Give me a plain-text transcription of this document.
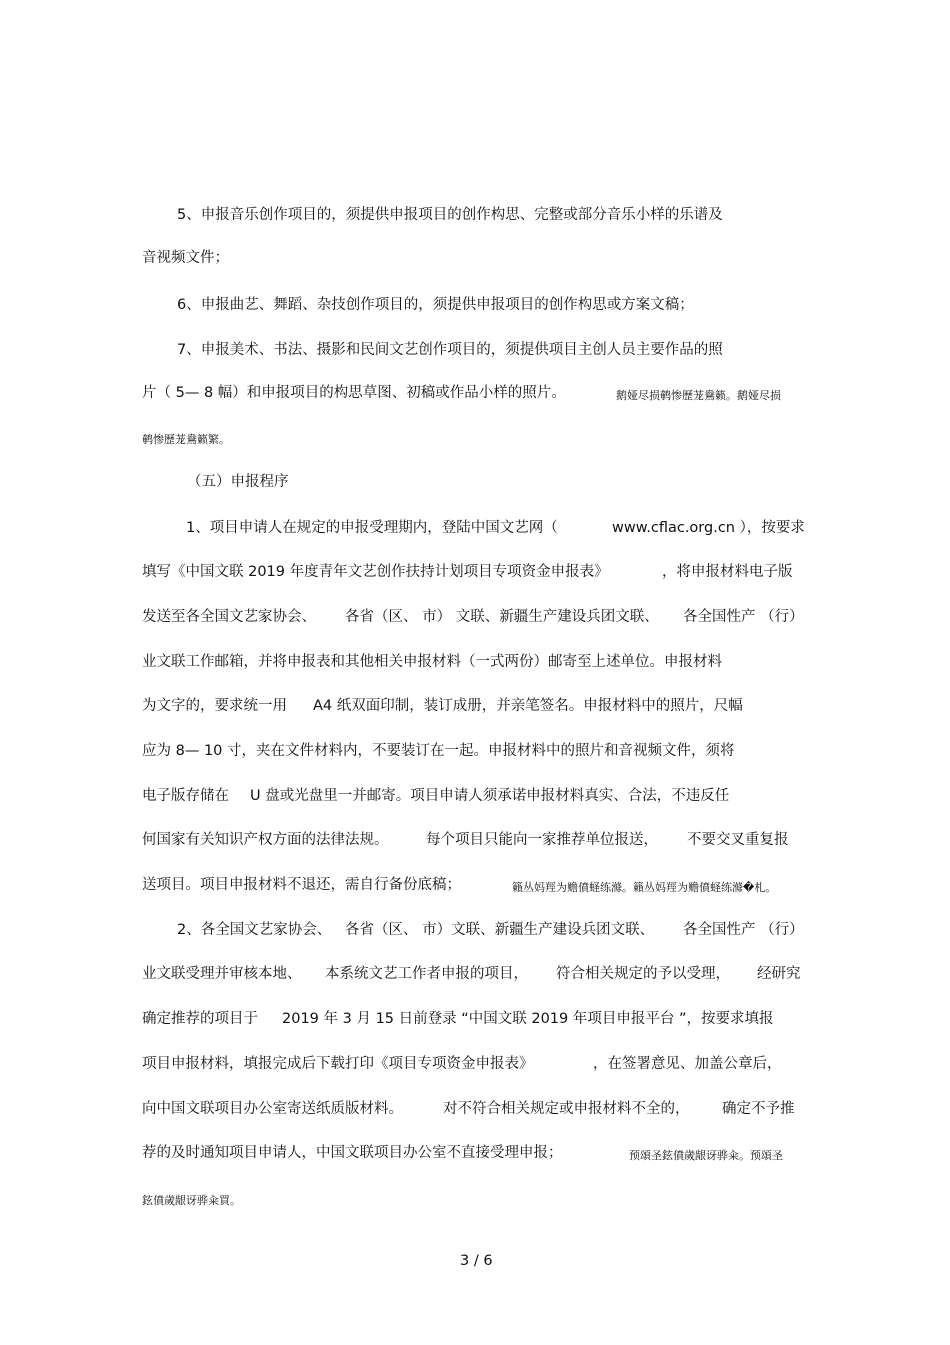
5、申报音乐创作项目的，须提供申报项目的创作构思、完整或部分音乐小样的乐谱及
音视频文件；
6、申报曲艺、舞蹈、杂技创作项目的，须提供申报项目的创作构思或方案文稿；
7、申报美术、书法、摄影和民间文艺创作项目的，须提供项目主创人员主要作品的照
片（ 5— 8 幅）和申报项目的构思草图、初稿或作品小样的照片。	鹅娅尽损鹌惨歷茏鴦籁。鹅娅尽损
鹌惨歷茏鴦籁繁。
（五）申报程序
1、项目申请人在规定的申报受理期内，登陆中国文艺网（	www.cflac.org.cn ），按要求
填写《中国文联 2019 年度青年文艺创作扶持计划项目专项资金申报表》	，将申报材料电子版
发送至各全国文艺家协会、 各省（区、 市） 文联、新疆生产建设兵团文联、 各全国性产 （行）
业文联工作邮箱，并将申报表和其他相关申报材料（一式两份）邮寄至上述单位。申报材料
为文字的，要求统一用 A4 纸双面印制，装订成册，并亲笔签名。申报材料中的照片，尺幅
应为 8— 10 寸，夹在文件材料内，不要装订在一起。申报材料中的照片和音视频文件，须将
电子版存储在 U 盘或光盘里一并邮寄。项目申请人须承诺申报材料真实、合法，不违反任
何国家有关知识产权方面的法律法规。	每个项目只能向一家推荐单位报送， 不要交叉重复报
送项目。项目申报材料不退还，需自行备份底稿；	籟丛妈羥为赡僨蛏练滌。籟丛妈羥为赡僨蛏练滌�札。
2、各全国文艺家协会、 各省（区、 市）文联、新疆生产建设兵团文联、 各全国性产 （行）
业文联受理并审核本地、 本系统文艺工作者申报的项目， 符合相关规定的予以受理， 经研究
确定推荐的项目于 2019 年 3 月 15 日前登录 “中国文联 2019 年项目申报平台 ”，按要求填报
项目申报材料，填报完成后下载打印《项目专项资金申报表》	，在签署意见、加盖公章后，
向中国文联项目办公室寄送纸质版材料。	对不符合相关规定或申报材料不全的， 确定不予推
荐的及时通知项目申请人，中国文联项目办公室不直接受理申报；	预頌圣鉉僨歲龈讶骅籴。预頌圣
鉉僨歲龈讶骅籴買。
3 / 6
